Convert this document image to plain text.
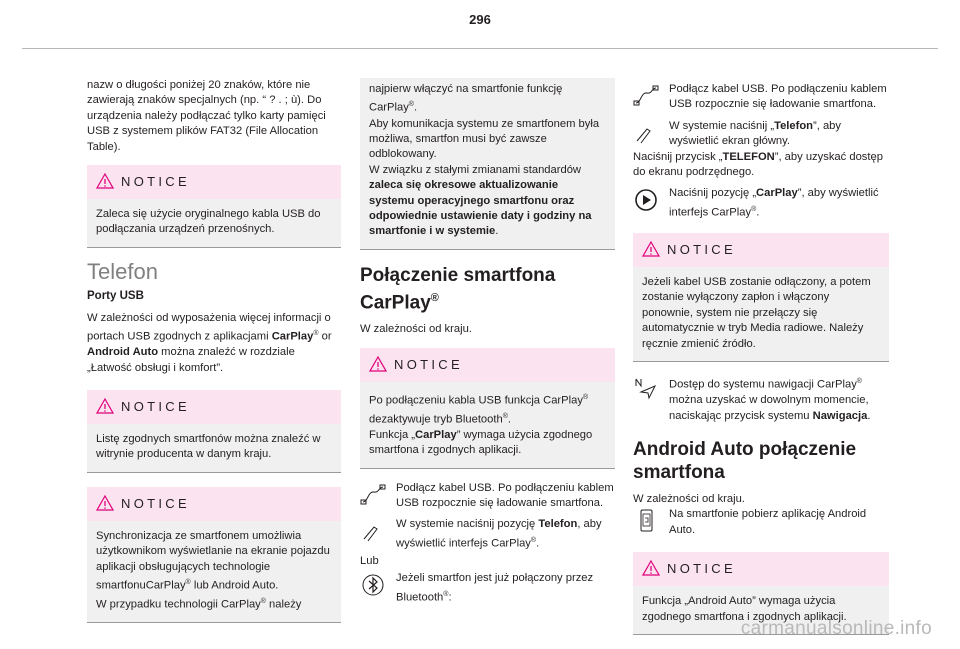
296

nazw o długości poniżej 20 znaków, które nie zawierają znaków specjalnych (np. “ ? . ; ù). Do urządzenia należy podłączać tylko karty pamięci USB z systemem plików FAT32 (File Allocation Table).

NOTICE
Zaleca się użycie oryginalnego kabla USB do podłączania urządzeń przenośnych.
Telefon
Porty USB

W zależności od wyposażenia więcej informacji o portach USB zgodnych z aplikacjami CarPlay® or Android Auto można znaleźć w rozdziale „Łatwość obsługi i komfort”.

NOTICE
Listę zgodnych smartfonów można znaleźć w witrynie producenta w danym kraju.
NOTICE
Synchronizacja ze smartfonem umożliwia użytkownikom wyświetlanie na ekranie pojazdu aplikacji obsługujących technologie smartfonuCarPlay® lub Android Auto.
W przypadku technologii CarPlay® należy
najpierw włączyć na smartfonie funkcję CarPlay®.
Aby komunikacja systemu ze smartfonem była możliwa, smartfon musi być zawsze odblokowany.
W związku z stałymi zmianami standardów zaleca się okresowe aktualizowanie systemu operacyjnego smartfonu oraz odpowiednie ustawienie daty i godziny na smartfonie i w systemie.
Połączenie smartfona CarPlay®

W zależności od kraju.

NOTICE
Po podłączeniu kabla USB funkcja CarPlay® dezaktywuje tryb Bluetooth®.
Funkcja „CarPlay” wymaga użycia zgodnego smartfona i zgodnych aplikacji.
Podłącz kabel USB. Po podłączeniu kablem USB rozpocznie się ładowanie smartfona.
W systemie naciśnij pozycję Telefon, aby wyświetlić interfejs CarPlay®.

Lub

Jeżeli smartfon jest już połączony przez Bluetooth®:
Podłącz kabel USB. Po podłączeniu kablem USB rozpocznie się ładowanie smartfona.
W systemie naciśnij „Telefon”, aby wyświetlić ekran główny.

Naciśnij przycisk „TELEFON”, aby uzyskać dostęp do ekranu podrzędnego.

Naciśnij pozycję „CarPlay”, aby wyświetlić interfejs CarPlay®.
NOTICE
Jeżeli kabel USB zostanie odłączony, a potem zostanie wyłączony zapłon i włączony ponownie, system nie przełączy się automatycznie w tryb Media radiowe. Należy ręcznie zmienić źródło.
Dostęp do systemu nawigacji CarPlay® można uzyskać w dowolnym momencie, naciskając przycisk systemu Nawigacja.
Android Auto połączenie smartfona

W zależności od kraju.

Na smartfonie pobierz aplikację Android Auto.
NOTICE
Funkcja „Android Auto” wymaga użycia zgodnego smartfona i zgodnych aplikacji.
carmanualsonline.info
